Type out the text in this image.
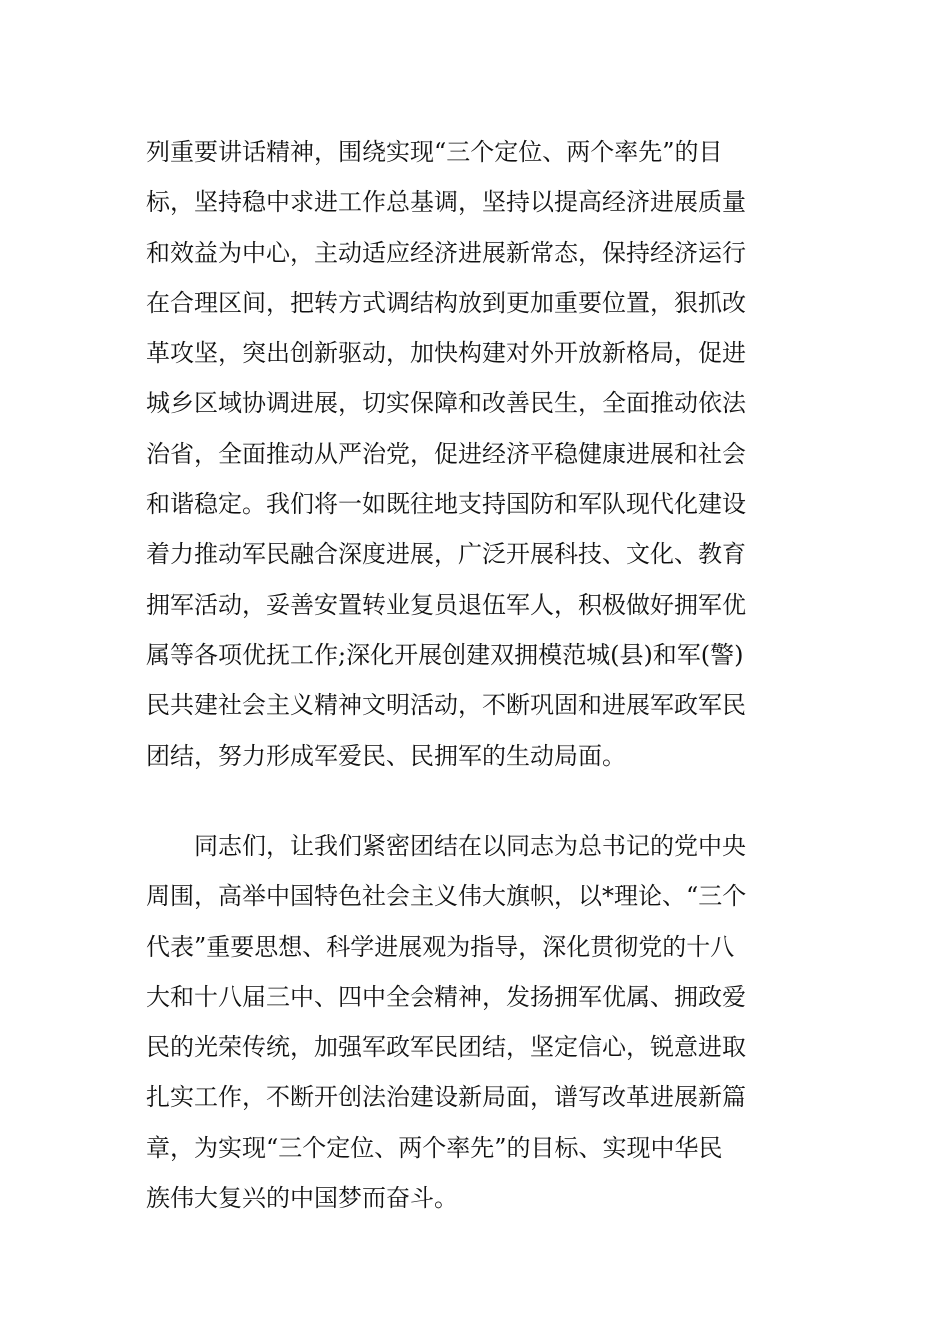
列重要讲话精神，围绕实现“三个定位、两个率先”的目
标，坚持稳中求进工作总基调，坚持以提高经济进展质量
和效益为中心，主动适应经济进展新常态，保持经济运行
在合理区间，把转方式调结构放到更加重要位置，狠抓改
革攻坚，突出创新驱动，加快构建对外开放新格局，促进
城乡区域协调进展，切实保障和改善民生，全面推动依法
治省，全面推动从严治党，促进经济平稳健康进展和社会
和谐稳定。我们将一如既往地支持国防和军队现代化建设
着力推动军民融合深度进展，广泛开展科技、文化、教育
拥军活动，妥善安置转业复员退伍军人，积极做好拥军优
属等各项优抚工作;深化开展创建双拥模范城(县)和军(警)
民共建社会主义精神文明活动，不断巩固和进展军政军民
团结，努力形成军爱民、民拥军的生动局面。
　　同志们，让我们紧密团结在以同志为总书记的党中央
周围，高举中国特色社会主义伟大旗帜，以*理论、“三个
代表”重要思想、科学进展观为指导，深化贯彻党的十八
大和十八届三中、四中全会精神，发扬拥军优属、拥政爱
民的光荣传统，加强军政军民团结，坚定信心，锐意进取
扎实工作，不断开创法治建设新局面，谱写改革进展新篇
章，为实现“三个定位、两个率先”的目标、实现中华民
族伟大复兴的中国梦而奋斗。
